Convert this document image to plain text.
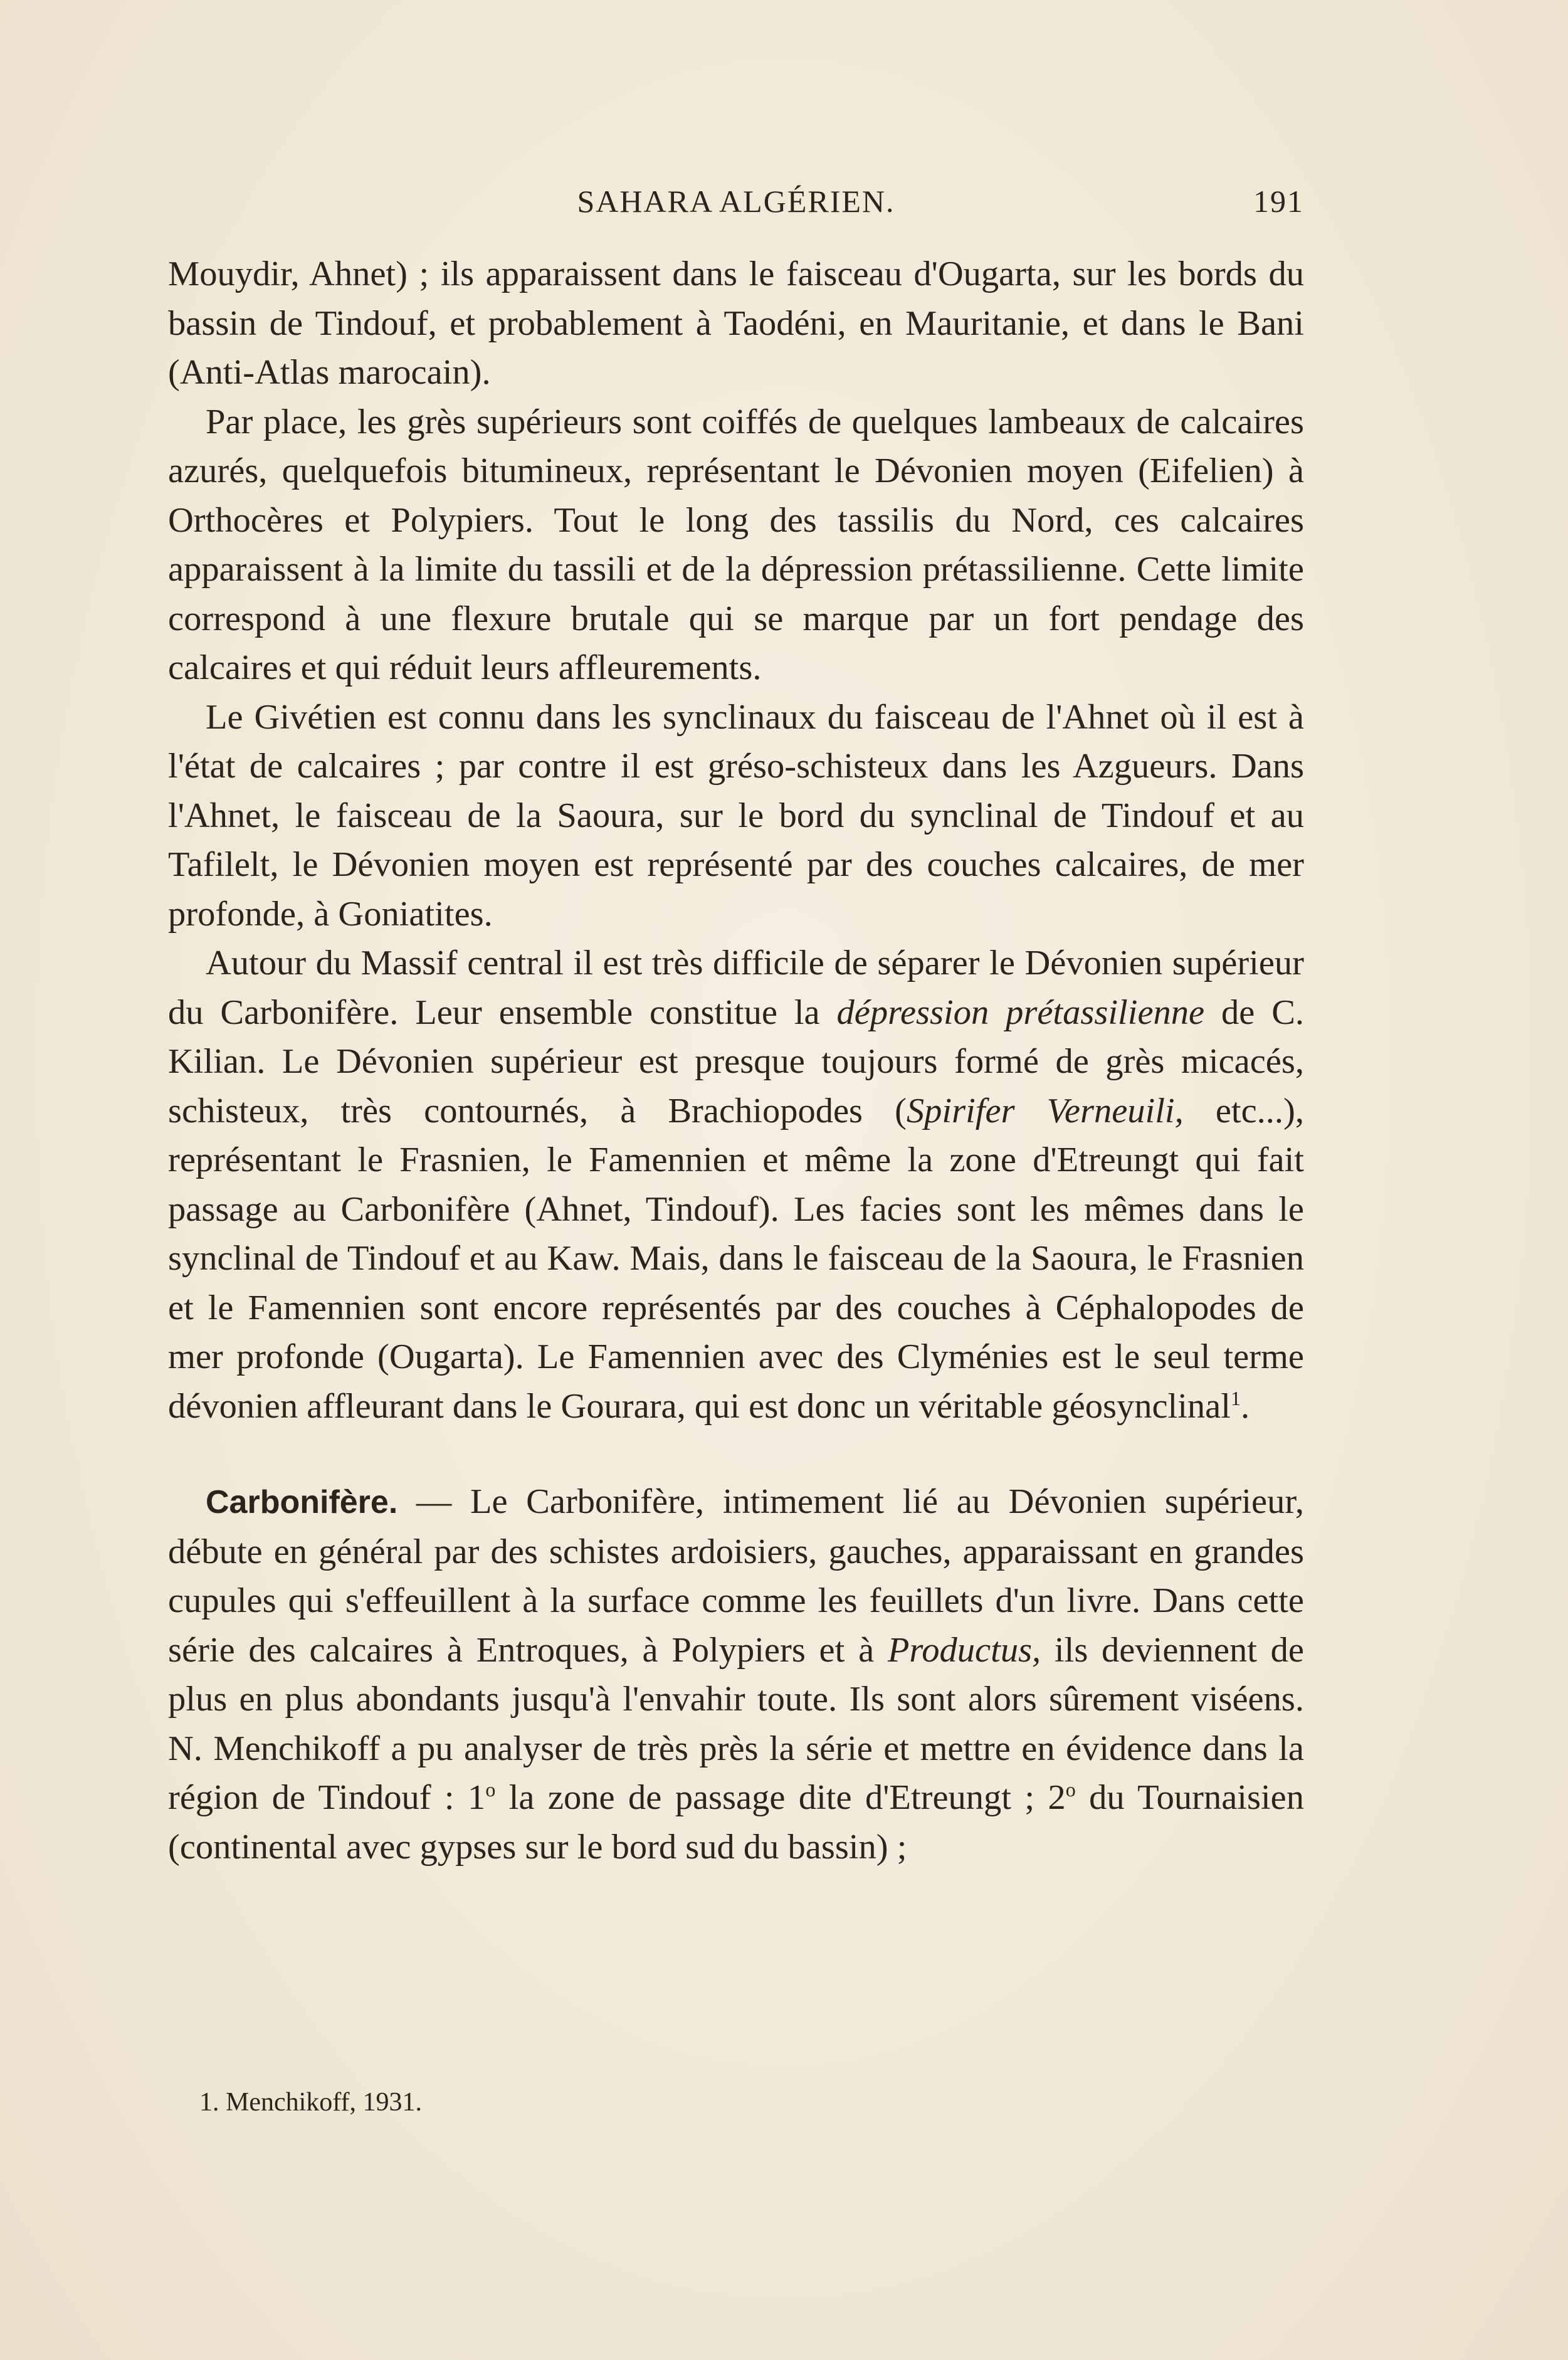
SAHARA ALGÉRIEN.	191

Mouydir, Ahnet) ; ils apparaissent dans le faisceau d'Ougarta, sur les bords du bassin de Tindouf, et probablement à Taodéni, en Mauritanie, et dans le Bani (Anti-Atlas marocain).

Par place, les grès supérieurs sont coiffés de quelques lambeaux de calcaires azurés, quelquefois bitumineux, représentant le Dévonien moyen (Eifelien) à Orthocères et Polypiers. Tout le long des tassilis du Nord, ces calcaires apparaissent à la limite du tassili et de la dépression prétassilienne. Cette limite correspond à une flexure brutale qui se marque par un fort pendage des calcaires et qui réduit leurs affleurements.

Le Givétien est connu dans les synclinaux du faisceau de l'Ahnet où il est à l'état de calcaires ; par contre il est gréso-schisteux dans les Azgueurs. Dans l'Ahnet, le faisceau de la Saoura, sur le bord du synclinal de Tindouf et au Tafilelt, le Dévonien moyen est représenté par des couches calcaires, de mer profonde, à Goniatites.

Autour du Massif central il est très difficile de séparer le Dévonien supérieur du Carbonifère. Leur ensemble constitue la dépression prétassilienne de C. Kilian. Le Dévonien supérieur est presque toujours formé de grès micacés, schisteux, très contournés, à Brachiopodes (Spirifer Verneuili, etc...), représentant le Frasnien, le Famennien et même la zone d'Etreungt qui fait passage au Carbonifère (Ahnet, Tindouf). Les facies sont les mêmes dans le synclinal de Tindouf et au Kaw. Mais, dans le faisceau de la Saoura, le Frasnien et le Famennien sont encore représentés par des couches à Céphalopodes de mer profonde (Ougarta). Le Famennien avec des Clyménies est le seul terme dévonien affleurant dans le Gourara, qui est donc un véritable géosynclinal$^1$.

Carbonifère. — Le Carbonifère, intimement lié au Dévonien supérieur, débute en général par des schistes ardoisiers, gauches, apparaissant en grandes cupules qui s'effeuillent à la surface comme les feuillets d'un livre. Dans cette série des calcaires à Entroques, à Polypiers et à Productus, ils deviennent de plus en plus abondants jusqu'à l'envahir toute. Ils sont alors sûrement viséens. N. Menchikoff a pu analyser de très près la série et mettre en évidence dans la région de Tindouf : 1$^o$ la zone de passage dite d'Etreungt ; 2$^o$ du Tournaisien (continental avec gypses sur le bord sud du bassin) ;

1. Menchikoff, 1931.
